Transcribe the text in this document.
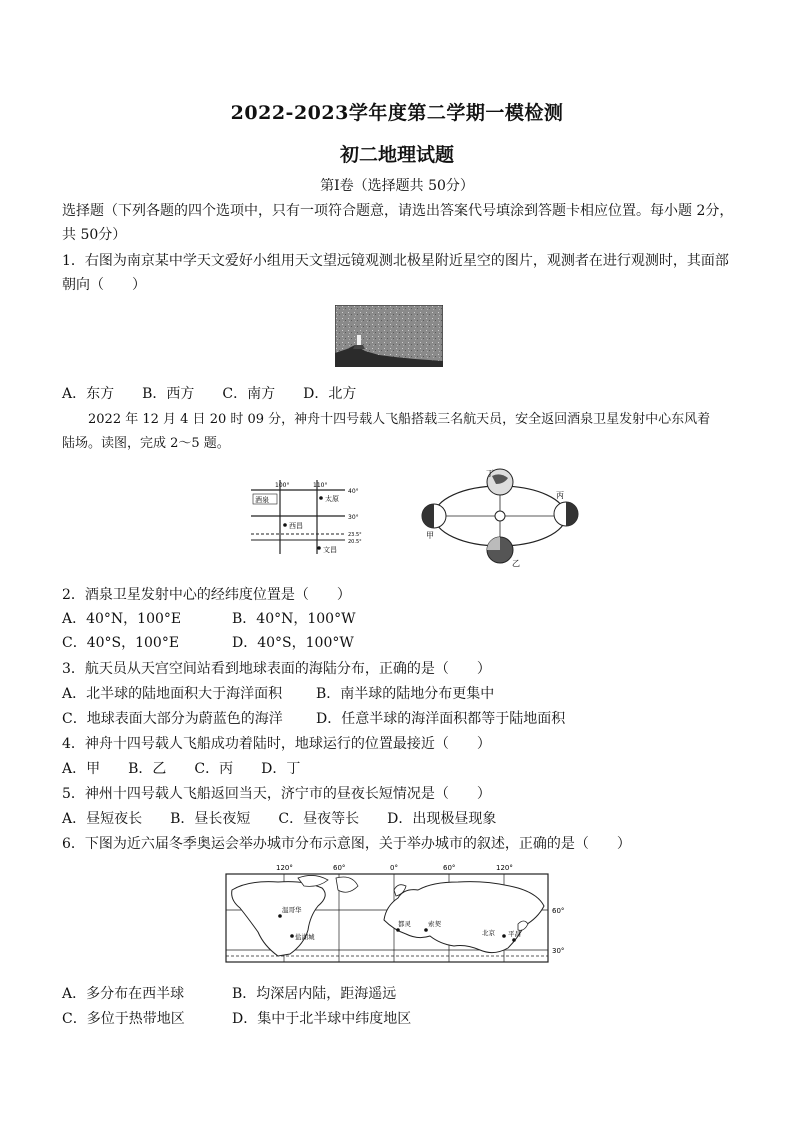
2022-2023学年度第二学期一模检测
初二地理试题
第Ⅰ卷（选择题共 50分）
选择题（下列各题的四个选项中，只有一项符合题意，请选出答案代号填涂到答题卡相应位置。每小题 2分，
共 50分）
1．右图为南京某中学天文爱好小组用天文望远镜观测北极星附近星空的图片，观测者在进行观测时，其面部
朝向（　　）
A．东方　　B．西方　　C．南方　　D．北方
2022 年 12 月 4 日 20 时 09 分，神舟十四号载人飞船搭载三名航天员，安全返回酒泉卫星发射中心东风着
陆场。读图，完成 2～5 题。
100°	110°
40°
30°
23.5°
20.5°
酒泉	太原
西昌
文昌
甲
乙
丙
丁
2．酒泉卫星发射中心的经纬度位置是（　　）
A．40°N，100°E	B．40°N，100°W
C．40°S，100°E	D．40°S，100°W
3．航天员从天宫空间站看到地球表面的海陆分布，正确的是（　　）
A．北半球的陆地面积大于海洋面积 B．南半球的陆地分布更集中
C．地球表面大部分为蔚蓝色的海洋 D．任意半球的海洋面积都等于陆地面积
4．神舟十四号载人飞船成功着陆时，地球运行的位置最接近（　　）
A．甲　　B．乙　　C．丙　　D．丁
5．神州十四号载人飞船返回当天，济宁市的昼夜长短情况是（　　）
A．昼短夜长　　B．昼长夜短　　C．昼夜等长　　D．出现极昼现象
6．下图为近六届冬季奥运会举办城市分布示意图，关于举办城市的叙述，正确的是（　　）
120°	60°	0°	60°	120°
60°
30°
温哥华
盐湖城
都灵	索契
北京 平昌
A．多分布在西半球	B．均深居内陆，距海遥远
C．多位于热带地区	D．集中于北半球中纬度地区
